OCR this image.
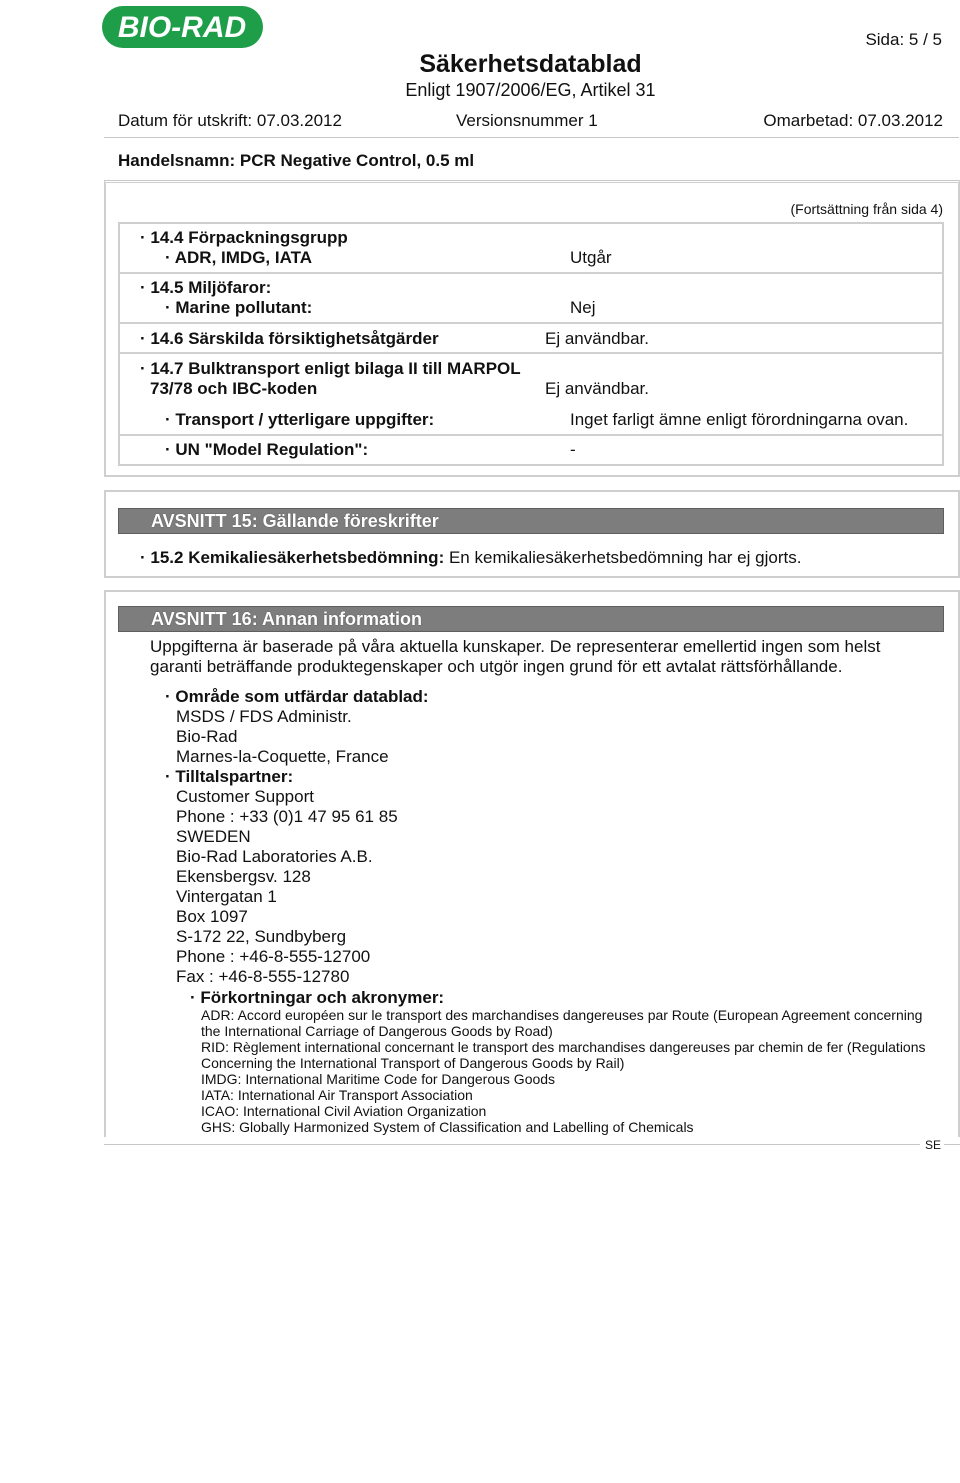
BIO-RAD	Sida: 5 / 5
Säkerhetsdatablad
Enligt 1907/2006/EG, Artikel 31
Datum för utskrift: 07.03.2012	Versionsnummer 1	Omarbetad: 07.03.2012
Handelsnamn: PCR Negative Control, 0.5 ml
(Fortsättning från sida 4)
· 14.4 Förpackningsgrupp
· ADR, IMDG, IATA	Utgår
· 14.5 Miljöfaror:
· Marine pollutant:	Nej
· 14.6 Särskilda försiktighetsåtgärder	Ej användbar.
· 14.7 Bulktransport enligt bilaga II till MARPOL
73/78 och IBC-koden	Ej användbar.
· Transport / ytterligare uppgifter:	Inget farligt ämne enligt förordningarna ovan.
· UN "Model Regulation":	-
AVSNITT 15: Gällande föreskrifter
· 15.2 Kemikaliesäkerhetsbedömning: En kemikaliesäkerhetsbedömning har ej gjorts.
AVSNITT 16: Annan information
Uppgifterna är baserade på våra aktuella kunskaper. De representerar emellertid ingen som helst
garanti beträffande produktegenskaper och utgör ingen grund för ett avtalat rättsförhållande.
· Område som utfärdar datablad:
MSDS / FDS Administr.
Bio-Rad
Marnes-la-Coquette, France
· Tilltalspartner:
Customer Support
Phone : +33 (0)1 47 95 61 85
SWEDEN
Bio-Rad Laboratories A.B.
Ekensbergsv. 128
Vintergatan 1
Box 1097
S-172 22, Sundbyberg
Phone : +46-8-555-12700
Fax : +46-8-555-12780
· Förkortningar och akronymer:
ADR: Accord européen sur le transport des marchandises dangereuses par Route (European Agreement concerning
the International Carriage of Dangerous Goods by Road)
RID: Règlement international concernant le transport des marchandises dangereuses par chemin de fer (Regulations
Concerning the International Transport of Dangerous Goods by Rail)
IMDG: International Maritime Code for Dangerous Goods
IATA: International Air Transport Association
ICAO: International Civil Aviation Organization
GHS: Globally Harmonized System of Classification and Labelling of Chemicals
SE
